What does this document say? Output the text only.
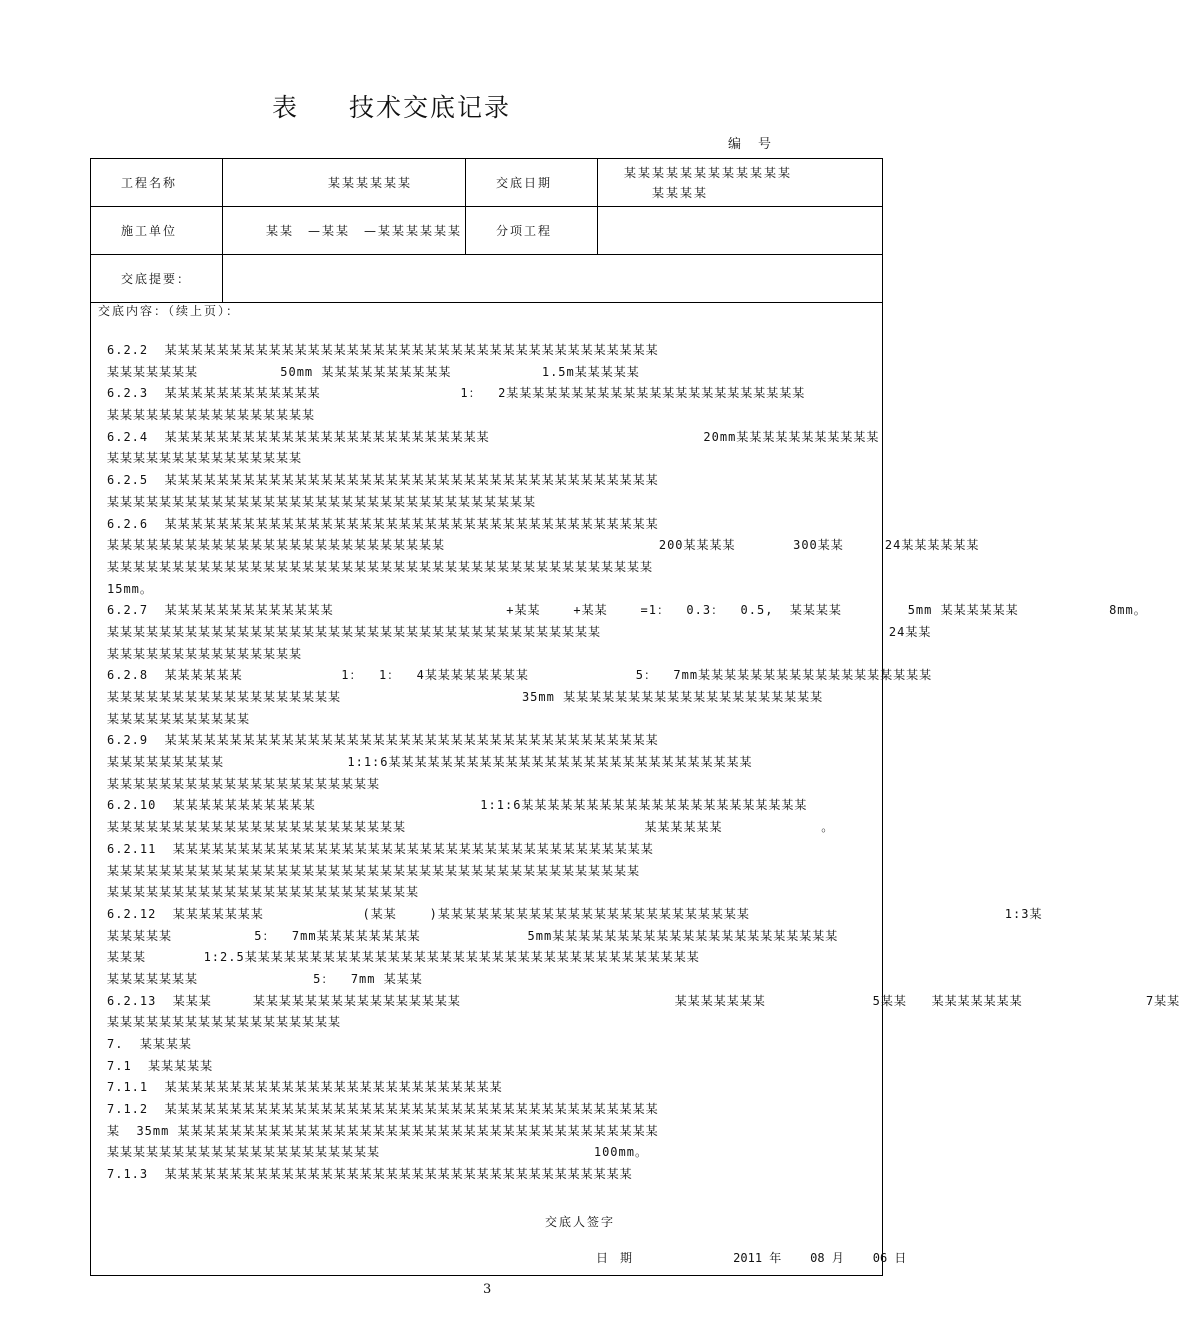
表 技术交底记录
编　号
工程名称	某某某某某某	交底日期	某某某某某某某某某某某某
　　某某某某
施工单位	某某　—某某　—某某某某某某	分项工程	
交底提要：			
交底内容：（续上页）：
6.2.2  某某某某某某某某某某某某某某某某某某某某某某某某某某某某某某某某某某某某某某
某某某某某某某          50mm 某某某某某某某某某某           1.5m某某某某某
6.2.3  某某某某某某某某某某某某                 1：  2某某某某某某某某某某某某某某某某某某某某某某某
某某某某某某某某某某某某某某某某
6.2.4  某某某某某某某某某某某某某某某某某某某某某某某某某                          20mm某某某某某某某某某某某
某某某某某某某某某某某某某某某
6.2.5  某某某某某某某某某某某某某某某某某某某某某某某某某某某某某某某某某某某某某某
某某某某某某某某某某某某某某某某某某某某某某某某某某某某某某某某某
6.2.6  某某某某某某某某某某某某某某某某某某某某某某某某某某某某某某某某某某某某某某
某某某某某某某某某某某某某某某某某某某某某某某某某某                          200某某某某       300某某     24某某某某某某
某某某某某某某某某某某某某某某某某某某某某某某某某某某某某某某某某某某某某某某某某某
15mm。
6.2.7  某某某某某某某某某某某某某                     +某某    +某某    =1：  0.3：  0.5,  某某某某        5mm 某某某某某某           8mm。
某某某某某某某某某某某某某某某某某某某某某某某某某某某某某某某某某某某某某某                                   24某某
某某某某某某某某某某某某某某某
6.2.8  某某某某某某            1：  1：  4某某某某某某某某             5：  7mm某某某某某某某某某某某某某某某某某某
某某某某某某某某某某某某某某某某某某                      35mm 某某某某某某某某某某某某某某某某某某某某
某某某某某某某某某某某
6.2.9  某某某某某某某某某某某某某某某某某某某某某某某某某某某某某某某某某某某某某某
某某某某某某某某某               1:1:6某某某某某某某某某某某某某某某某某某某某某某某某某某某某
某某某某某某某某某某某某某某某某某某某某某
6.2.10  某某某某某某某某某某某                    1:1:6某某某某某某某某某某某某某某某某某某某某某某
某某某某某某某某某某某某某某某某某某某某某某某                             某某某某某某            。
6.2.11  某某某某某某某某某某某某某某某某某某某某某某某某某某某某某某某某某某某某某
某某某某某某某某某某某某某某某某某某某某某某某某某某某某某某某某某某某某某某某某某
某某某某某某某某某某某某某某某某某某某某某某某某
6.2.12  某某某某某某某            (某某    )某某某某某某某某某某某某某某某某某某某某某某某某                               1:3某
某某某某某          5：  7mm某某某某某某某某             5mm某某某某某某某某某某某某某某某某某某某某某某
某某某       1:2.5某某某某某某某某某某某某某某某某某某某某某某某某某某某某某某某某某某某
某某某某某某某              5：  7mm 某某某
6.2.13  某某某     某某某某某某某某某某某某某某某某                          某某某某某某某             5某某   某某某某某某某               7某某
某某某某某某某某某某某某某某某某某某
7.  某某某某
7.1  某某某某某
7.1.1  某某某某某某某某某某某某某某某某某某某某某某某某某某
7.1.2  某某某某某某某某某某某某某某某某某某某某某某某某某某某某某某某某某某某某某某
某  35mm 某某某某某某某某某某某某某某某某某某某某某某某某某某某某某某某某某某某某某
某某某某某某某某某某某某某某某某某某某某某                          100mm。
7.1.3  某某某某某某某某某某某某某某某某某某某某某某某某某某某某某某某某某某某某
交底人签字
日　期              2011 年    08 月    06 日
3
